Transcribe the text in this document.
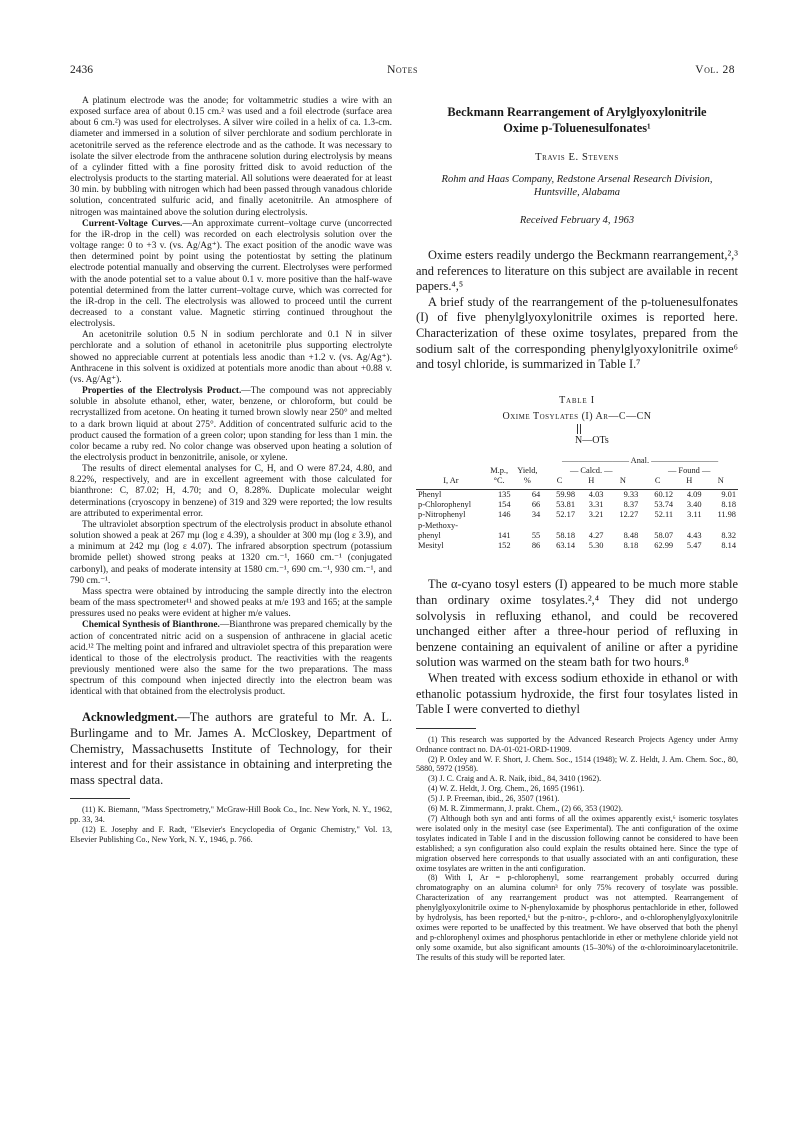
2436	Notes	Vol. 28

A platinum electrode was the anode; for voltammetric studies a wire with an exposed surface area of about 0.15 cm.² was used and a foil electrode (surface area about 6 cm.²) was used for electrolyses. A silver wire coiled in a helix of ca. 1.3-cm. diameter and immersed in a solution of silver perchlorate and sodium perchlorate in acetonitrile served as the reference electrode and as the cathode. It was necessary to isolate the silver electrode from the anthracene solution during electrolysis by means of a cylinder fitted with a fine porosity fritted disk to avoid reduction of the electrolysis products to the starting material. All solutions were deaerated for at least 30 min. by bubbling with nitrogen which had been passed through vanadous chloride solution, concentrated sulfuric acid, and finally acetonitrile. An atmosphere of nitrogen was maintained above the solution during electrolysis.

Current-Voltage Curves.—An approximate current–voltage curve (uncorrected for the iR-drop in the cell) was recorded on each electrolysis solution over the voltage range: 0 to +3 v. (vs. Ag/Ag⁺). The exact position of the anodic wave was then determined point by point using the potentiostat by setting the platinum electrode potential manually and observing the current. Electrolyses were performed with the anode potential set to a value about 0.1 v. more positive than the half-wave potential determined from the latter current–voltage curve, which was corrected for the iR-drop in the cell. The electrolysis was allowed to proceed until the current decreased to a constant value. Magnetic stirring continued throughout the electrolysis.

An acetonitrile solution 0.5 N in sodium perchlorate and 0.1 N in silver perchlorate and a solution of ethanol in acetonitrile plus supporting electrolyte showed no appreciable current at potentials less anodic than +1.2 v. (vs. Ag/Ag⁺). Anthracene in this solvent is oxidized at potentials more anodic than about +0.88 v. (vs. Ag/Ag⁺).

Properties of the Electrolysis Product.—The compound was not appreciably soluble in absolute ethanol, ether, water, benzene, or chloroform, but could be recrystallized from acetone. On heating it turned brown slowly near 250° and melted to a dark brown liquid at about 275°. Addition of concentrated sulfuric acid to the product caused the formation of a green color; upon standing for less than 1 min. the color became a ruby red. No color change was observed upon heating a solution of the electrolysis product in benzonitrile, anisole, or xylene.

The results of direct elemental analyses for C, H, and O were 87.24, 4.80, and 8.22%, respectively, and are in excellent agreement with those calculated for bianthrone: C, 87.02; H, 4.70; and O, 8.28%. Duplicate molecular weight determinations (cryoscopy in benzene) of 319 and 329 were reported; the low results are attributed to experimental error.

The ultraviolet absorption spectrum of the electrolysis product in absolute ethanol solution showed a peak at 267 mμ (log ε 4.39), a shoulder at 300 mμ (log ε 3.9), and a minimum at 242 mμ (log ε 4.07). The infrared absorption spectrum (potassium bromide pellet) showed strong peaks at 1320 cm.⁻¹, 1660 cm.⁻¹ (conjugated carbonyl), and peaks of moderate intensity at 1580 cm.⁻¹, 690 cm.⁻¹, 930 cm.⁻¹, and 790 cm.⁻¹.

Mass spectra were obtained by introducing the sample directly into the electron beam of the mass spectrometer¹¹ and showed peaks at m/e 193 and 165; at the sample pressures used no peaks were evident at higher m/e values.

Chemical Synthesis of Bianthrone.—Bianthrone was prepared chemically by the action of concentrated nitric acid on a suspension of anthracene in glacial acetic acid.¹² The melting point and infrared and ultraviolet spectra of this preparation were identical to those of the electrolysis product. The reactivities with the reagents previously mentioned were also the same for the two preparations. The mass spectrum of this compound when injected directly into the electron beam was identical with that obtained from the electrolysis product.

Acknowledgment.—The authors are grateful to Mr. A. L. Burlingame and to Mr. James A. McCloskey, Department of Chemistry, Massachusetts Institute of Technology, for their interest and for their assistance in obtaining and interpreting the mass spectral data.

(11) K. Biemann, "Mass Spectrometry," McGraw-Hill Book Co., Inc. New York, N. Y., 1962, pp. 33, 34.

(12) E. Josephy and F. Radt, "Elsevier's Encyclopedia of Organic Chemistry," Vol. 13, Elsevier Publishing Co., New York, N. Y., 1946, p. 766.

Beckmann Rearrangement of Arylglyoxylonitrile
Oxime p-Toluenesulfonates¹
Travis E. Stevens
Rohm and Haas Company, Redstone Arsenal Research Division,
Huntsville, Alabama
Received February 4, 1963

Oxime esters readily undergo the Beckmann rearrangement,²,³ and references to literature on this subject are available in recent papers.⁴,⁵

A brief study of the rearrangement of the p-toluenesulfonates (I) of five phenylglyoxylonitrile oximes is reported here. Characterization of these oxime tosylates, prepared from the sodium salt of the corresponding phenylglyoxylonitrile oxime⁶ and tosyl chloride, is summarized in Table I.⁷

Table I
Oxime Tosylates (I) Ar—C—CN
N—OTs
			———————— Anal. ————————					
	M.p.,	Yield,	— Calcd. —			— Found —		
I, Ar	°C.	%	C	H	N	C	H	N

Phenyl	135	64	59.98	4.03	9.33	60.12	4.09	9.01
p-Chlorophenyl	154	66	53.81	3.31	8.37	53.74	3.40	8.18
p-Nitrophenyl	146	34	52.17	3.21	12.27	52.11	3.11	11.98
p-Methoxy-								
phenyl	141	55	58.18	4.27	8.48	58.07	4.43	8.32
Mesityl	152	86	63.14	5.30	8.18	62.99	5.47	8.14

The α-cyano tosyl esters (I) appeared to be much more stable than ordinary oxime tosylates.²,⁴ They did not undergo solvolysis in refluxing ethanol, and could be recovered unchanged either after a three-hour period of refluxing in benzene containing an equivalent of aniline or after a pyridine solution was warmed on the steam bath for two hours.⁸

When treated with excess sodium ethoxide in ethanol or with ethanolic potassium hydroxide, the first four tosylates listed in Table I were converted to diethyl

(1) This research was supported by the Advanced Research Projects Agency under Army Ordnance contract no. DA-01-021-ORD-11909.

(2) P. Oxley and W. F. Short, J. Chem. Soc., 1514 (1948); W. Z. Heldt, J. Am. Chem. Soc., 80, 5880, 5972 (1958).

(3) J. C. Craig and A. R. Naik, ibid., 84, 3410 (1962).

(4) W. Z. Heldt, J. Org. Chem., 26, 1695 (1961).

(5) J. P. Freeman, ibid., 26, 3507 (1961).

(6) M. R. Zimmermann, J. prakt. Chem., (2) 66, 353 (1902).

(7) Although both syn and anti forms of all the oximes apparently exist,⁶ isomeric tosylates were isolated only in the mesityl case (see Experimental). The anti configuration of the oxime tosylates indicated in Table I and in the discussion following cannot be considered to have been established; a syn configuration also could explain the results obtained here. Since the type of migration observed here corresponds to that usually associated with an anti configuration, these oxime tosylates are written in the anti configuration.

(8) With I, Ar = p-chlorophenyl, some rearrangement probably occurred during chromatography on an alumina column³ for only 75% recovery of tosylate was possible. Characterization of any rearrangement product was not attempted. Rearrangement of phenylglyoxylonitrile oxime to N-phenyloxamide by phosphorus pentachloride in ether, followed by hydrolysis, has been reported,⁶ but the p-nitro-, p-chloro-, and o-chlorophenylglyoxylonitrile oximes were reported to be unaffected by this treatment. We have observed that both the phenyl and p-chlorophenyl oximes and phosphorus pentachloride in ether or methylene chloride yield not only some oxamide, but also significant amounts (15–30%) of the α-chloroiminoarylacetonitrile. The results of this study will be reported later.
